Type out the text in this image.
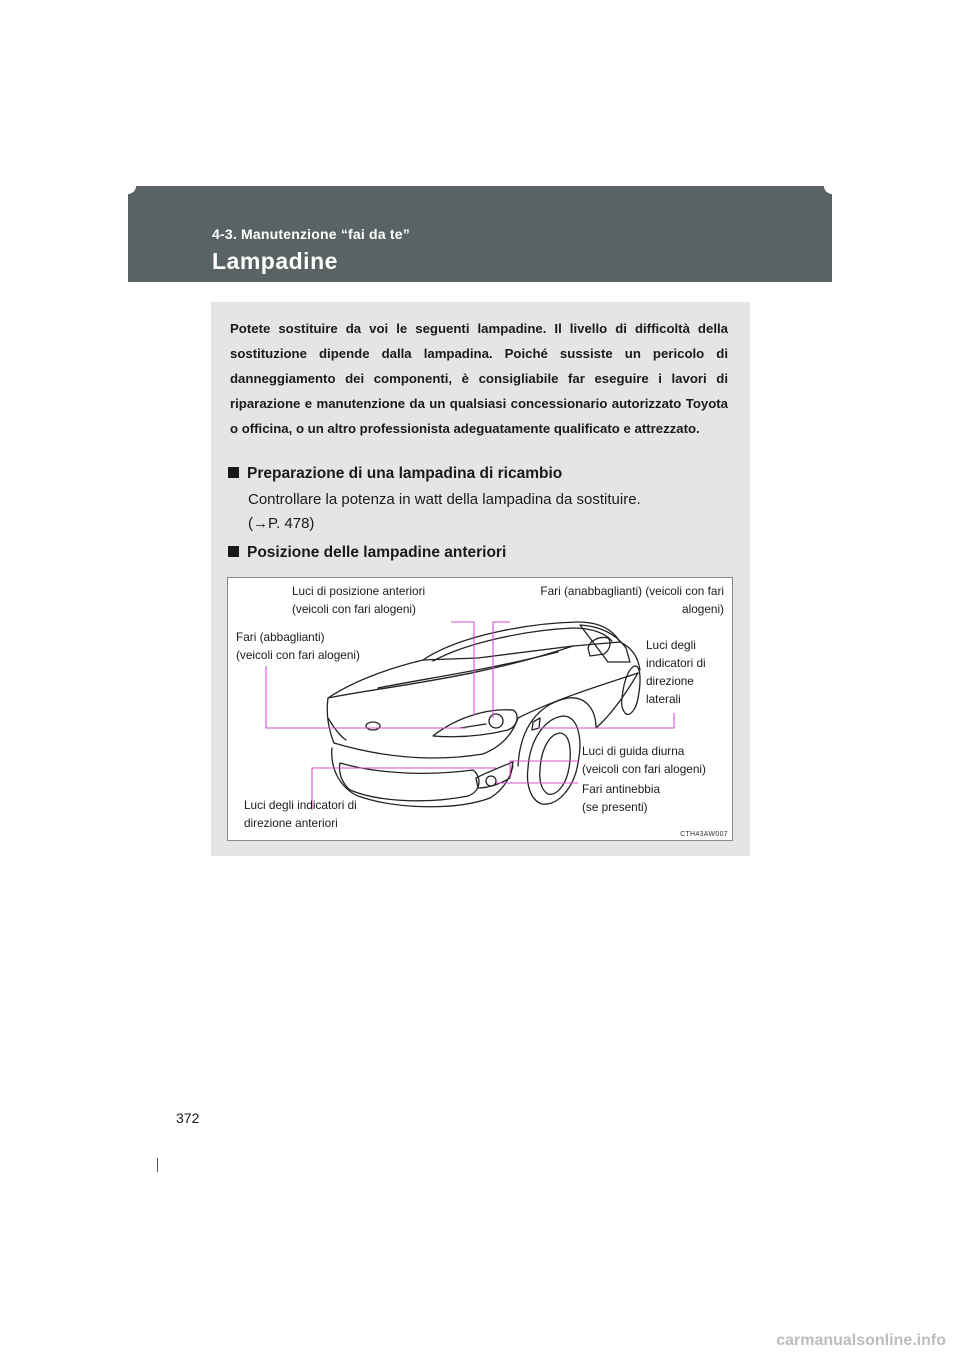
4-3. Manutenzione “fai da te”
Lampadine
Potete sostituire da voi le seguenti lampadine. Il livello di difficoltà della sostituzione dipende dalla lampadina. Poiché sussiste un pericolo di danneggiamento dei componenti, è consigliabile far eseguire i lavori di riparazione e manutenzione da un qualsiasi concessionario autorizzato Toyota o officina, o un altro professionista adeguatamente qualificato e attrezzato.
Preparazione di una lampadina di ricambio
Controllare la potenza in watt della lampadina da sostituire.
(→P. 478)
Posizione delle lampadine anteriori
Luci di posizione anteriori
(veicoli con fari alogeni)
Fari (anabbaglianti) (veicoli con fari
alogeni)
Fari (abbaglianti)
(veicoli con fari alogeni)
Luci degli
indicatori di
direzione
laterali
Luci di guida diurna
(veicoli con fari alogeni)
Fari antinebbia
(se presenti)
Luci degli indicatori di
direzione anteriori
CTH43AW007
372
carmanualsonline.info
